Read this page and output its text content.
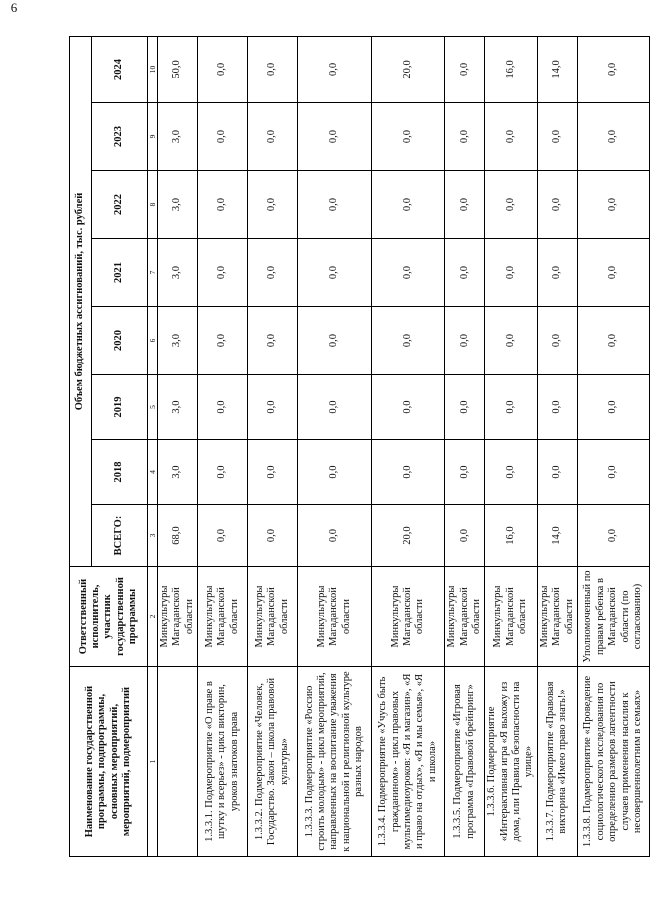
6
Наименование государственной программы, подпрограммы, основных мероприятий, мероприятий, подмероприятий	Ответственный исполнитель, участник государственной программы	Объем бюджетных ассигнований, тыс. рублей							
		ВСЕГО:	2018	2019	2020	2021	2022	2023	2024
1	2	3	4	5	6	7	8	9	10
	Минкультуры Магаданской области	68,0	3,0	3,0	3,0	3,0	3,0	3,0	50,0
1.3.3.1. Подмероприятие «О праве в шутку и всерьез» - цикл викторин, уроков знатоков права	Минкультуры Магаданской области	0,0	0,0	0,0	0,0	0,0	0,0	0,0	0,0
1.3.3.2. Подмероприятие «Человек, Государство. Закон – школа правовой культуры»	Минкультуры Магаданской области	0,0	0,0	0,0	0,0	0,0	0,0	0,0	0,0
1.3.3.3. Подмероприятие «Россию строить молодым» - цикл мероприятий, направленных на воспитание уважения к национальной и религиозной культуре разных народов	Минкультуры Магаданской области	0,0	0,0	0,0	0,0	0,0	0,0	0,0	0,0
1.3.3.4. Подмероприятие «Учусь быть гражданином» - цикл правовых мультимедиоуроков: «Я и магазин», «Я и право на отдых», «Я и мы семья», «Я и школа»	Минкультуры Магаданской области	20,0	0,0	0,0	0,0	0,0	0,0	0,0	20,0
1.3.3.5. Подмероприятие «Игровая программа «Правовой брейнринг»	Минкультуры Магаданской области	0,0	0,0	0,0	0,0	0,0	0,0	0,0	0,0
1.3.3.6. Подмероприятие «Интерактивная игра «Я выхожу из дома, или Правила безопасности на улице»	Минкультуры Магаданской области	16,0	0,0	0,0	0,0	0,0	0,0	0,0	16,0
1.3.3.7. Подмероприятие «Правовая викторина «Имею право знать!»	Минкультуры Магаданской области	14,0	0,0	0,0	0,0	0,0	0,0	0,0	14,0
1.3.3.8. Подмероприятие «Проведение социологического исследования по определению размеров латентности случаев применения насилия к несовершеннолетним в семьях»	Уполномоченный по правам ребенка в Магаданской области (по согласованию)	0,0	0,0	0,0	0,0	0,0	0,0	0,0	0,0
